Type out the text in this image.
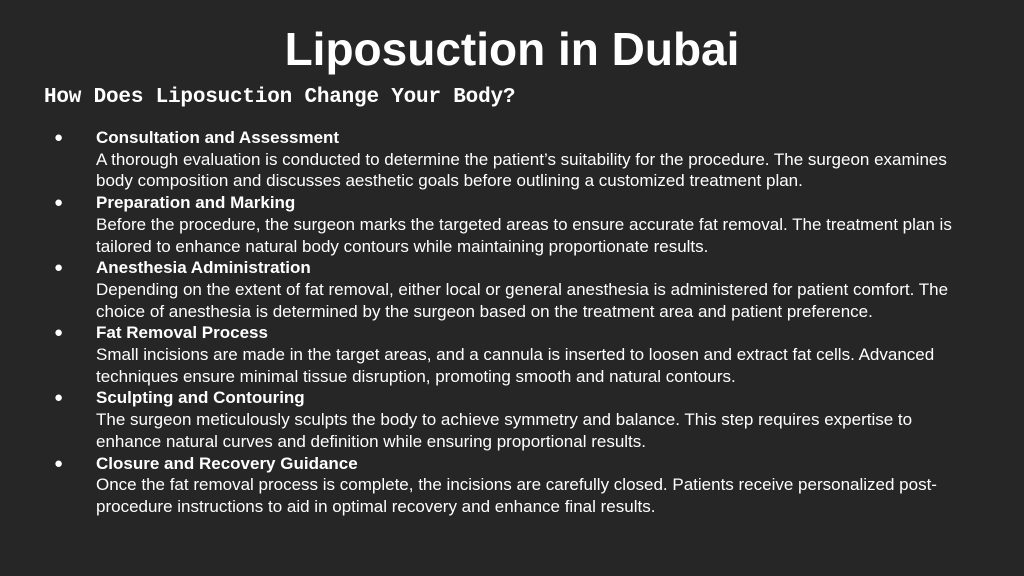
Liposuction in Dubai
How Does Liposuction Change Your Body?
● Consultation and Assessment
A thorough evaluation is conducted to determine the patient’s suitability for the procedure. The surgeon examines body composition and discusses aesthetic goals before outlining a customized treatment plan.
● Preparation and Marking
Before the procedure, the surgeon marks the targeted areas to ensure accurate fat removal. The treatment plan is tailored to enhance natural body contours while maintaining proportionate results.
● Anesthesia Administration
Depending on the extent of fat removal, either local or general anesthesia is administered for patient comfort. The choice of anesthesia is determined by the surgeon based on the treatment area and patient preference.
● Fat Removal Process
Small incisions are made in the target areas, and a cannula is inserted to loosen and extract fat cells. Advanced techniques ensure minimal tissue disruption, promoting smooth and natural contours.
● Sculpting and Contouring
The surgeon meticulously sculpts the body to achieve symmetry and balance. This step requires expertise to enhance natural curves and definition while ensuring proportional results.
● Closure and Recovery Guidance
Once the fat removal process is complete, the incisions are carefully closed. Patients receive personalized post-procedure instructions to aid in optimal recovery and enhance final results.
